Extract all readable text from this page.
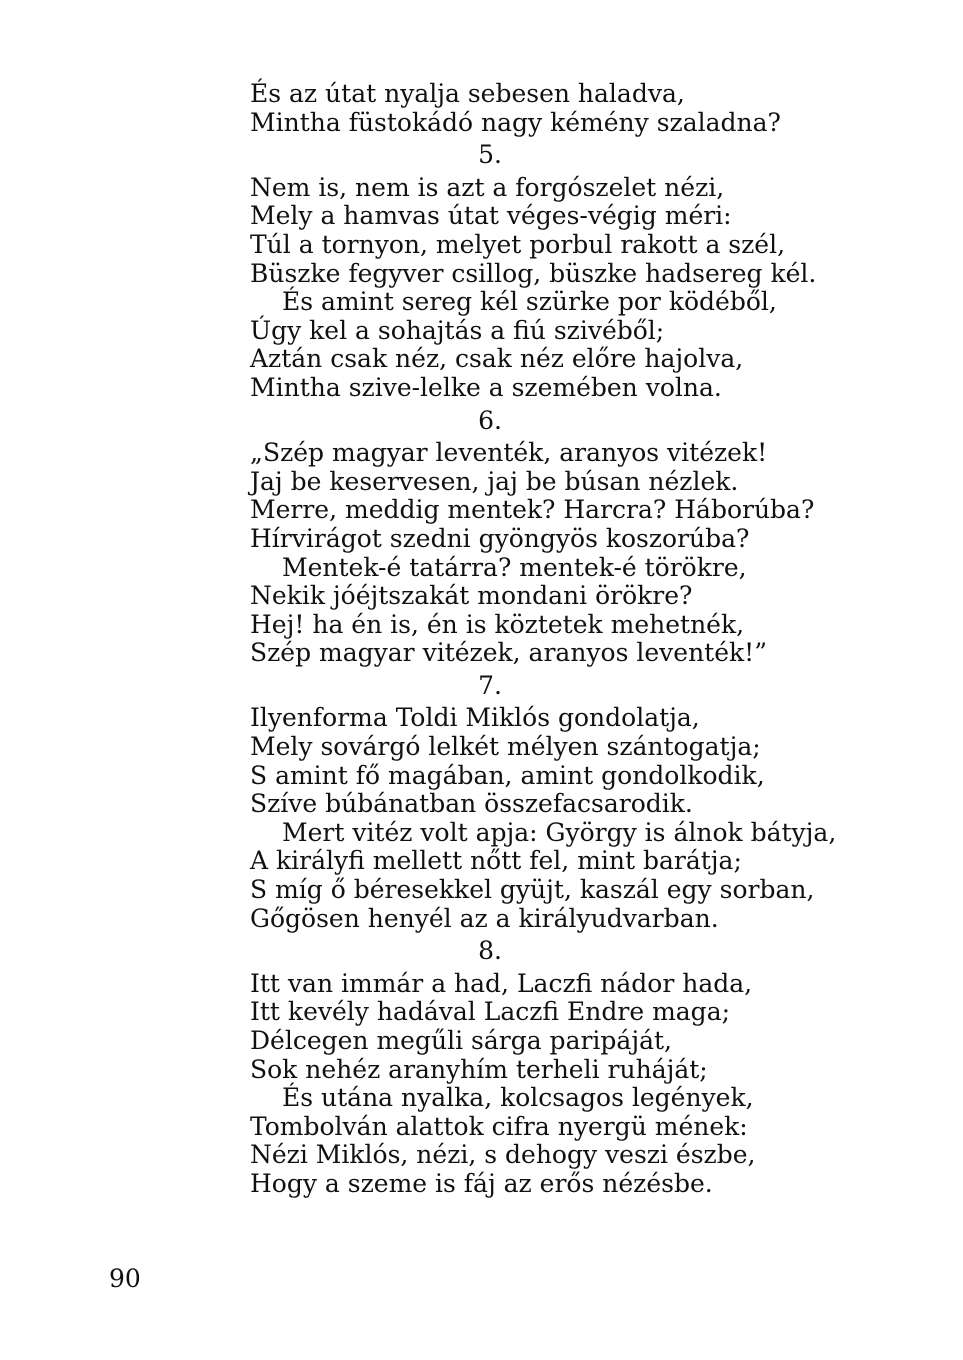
És az útat nyalja sebesen haladva,
Mintha füstokádó nagy kémény szaladna?
5.
Nem is, nem is azt a forgószelet nézi,
Mely a hamvas útat véges-végig méri:
Túl a tornyon, melyet porbul rakott a szél,
Büszke fegyver csillog, büszke hadsereg kél.
És amint sereg kél szürke por ködéből,
Úgy kel a sohajtás a fiú szivéből;
Aztán csak néz, csak néz előre hajolva,
Mintha szive-lelke a szemében volna.
6.
„Szép magyar leventék, aranyos vitézek!
Jaj be keservesen, jaj be búsan nézlek.
Merre, meddig mentek? Harcra? Háborúba?
Hírvirágot szedni gyöngyös koszorúba?
Mentek-é tatárra? mentek-é törökre,
Nekik jóéjtszakát mondani örökre?
Hej! ha én is, én is köztetek mehetnék,
Szép magyar vitézek, aranyos leventék!”
7.
Ilyenforma Toldi Miklós gondolatja,
Mely sovárgó lelkét mélyen szántogatja;
S amint fő magában, amint gondolkodik,
Szíve búbánatban összefacsarodik.
Mert vitéz volt apja: György is álnok bátyja,
A királyfi mellett nőtt fel, mint barátja;
S míg ő béresekkel gyüjt, kaszál egy sorban,
Gőgösen henyél az a királyudvarban.
8.
Itt van immár a had, Laczfi nádor hada,
Itt kevély hadával Laczfi Endre maga;
Délcegen megűli sárga paripáját,
Sok nehéz aranyhím terheli ruháját;
És utána nyalka, kolcsagos legények,
Tombolván alattok cifra nyergü mének:
Nézi Miklós, nézi, s dehogy veszi észbe,
Hogy a szeme is fáj az erős nézésbe.
90
